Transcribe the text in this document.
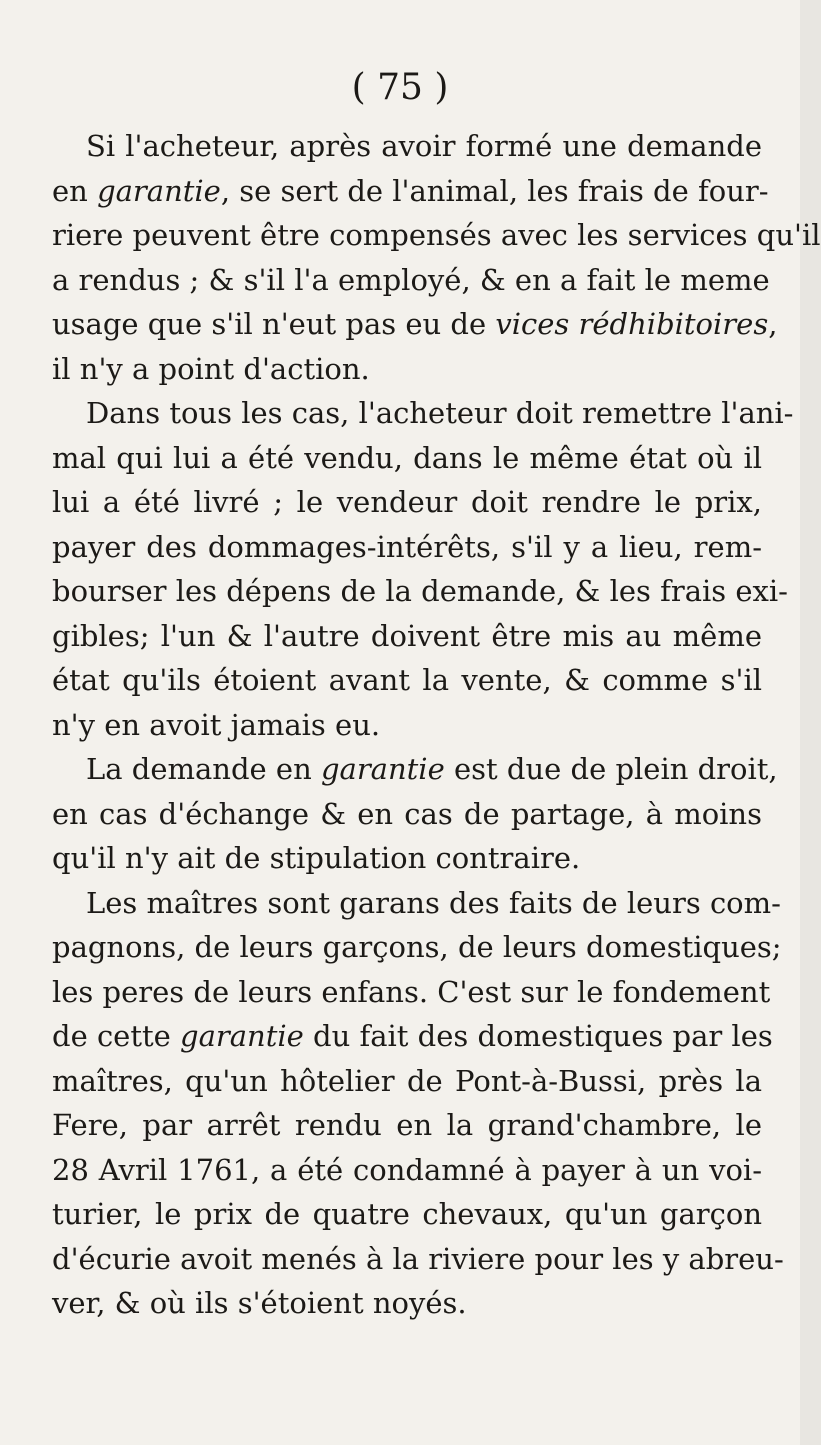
( 75 )
Si l'acheteur, après avoir formé une demande
en garantie, se sert de l'animal, les frais de four-
riere peuvent être compensés avec les services qu'il
a rendus ; & s'il l'a employé, & en a fait le meme
usage que s'il n'eut pas eu de vices rédhibitoires,
il n'y a point d'action.
Dans tous les cas, l'acheteur doit remettre l'ani-
mal qui lui a été vendu, dans le même état où il
lui a été livré ; le vendeur doit rendre le prix,
payer des dommages-intérêts, s'il y a lieu, rem-
bourser les dépens de la demande, & les frais exi-
gibles; l'un & l'autre doivent être mis au même
état qu'ils étoient avant la vente, & comme s'il
n'y en avoit jamais eu.
La demande en garantie est due de plein droit,
en cas d'échange & en cas de partage, à moins
qu'il n'y ait de stipulation contraire.
Les maîtres sont garans des faits de leurs com-
pagnons, de leurs garçons, de leurs domestiques;
les peres de leurs enfans. C'est sur le fondement
de cette garantie du fait des domestiques par les
maîtres, qu'un hôtelier de Pont-à-Bussi, près la
Fere, par arrêt rendu en la grand'chambre, le
28 Avril 1761, a été condamné à payer à un voi-
turier, le prix de quatre chevaux, qu'un garçon
d'écurie avoit menés à la riviere pour les y abreu-
ver, & où ils s'étoient noyés.
